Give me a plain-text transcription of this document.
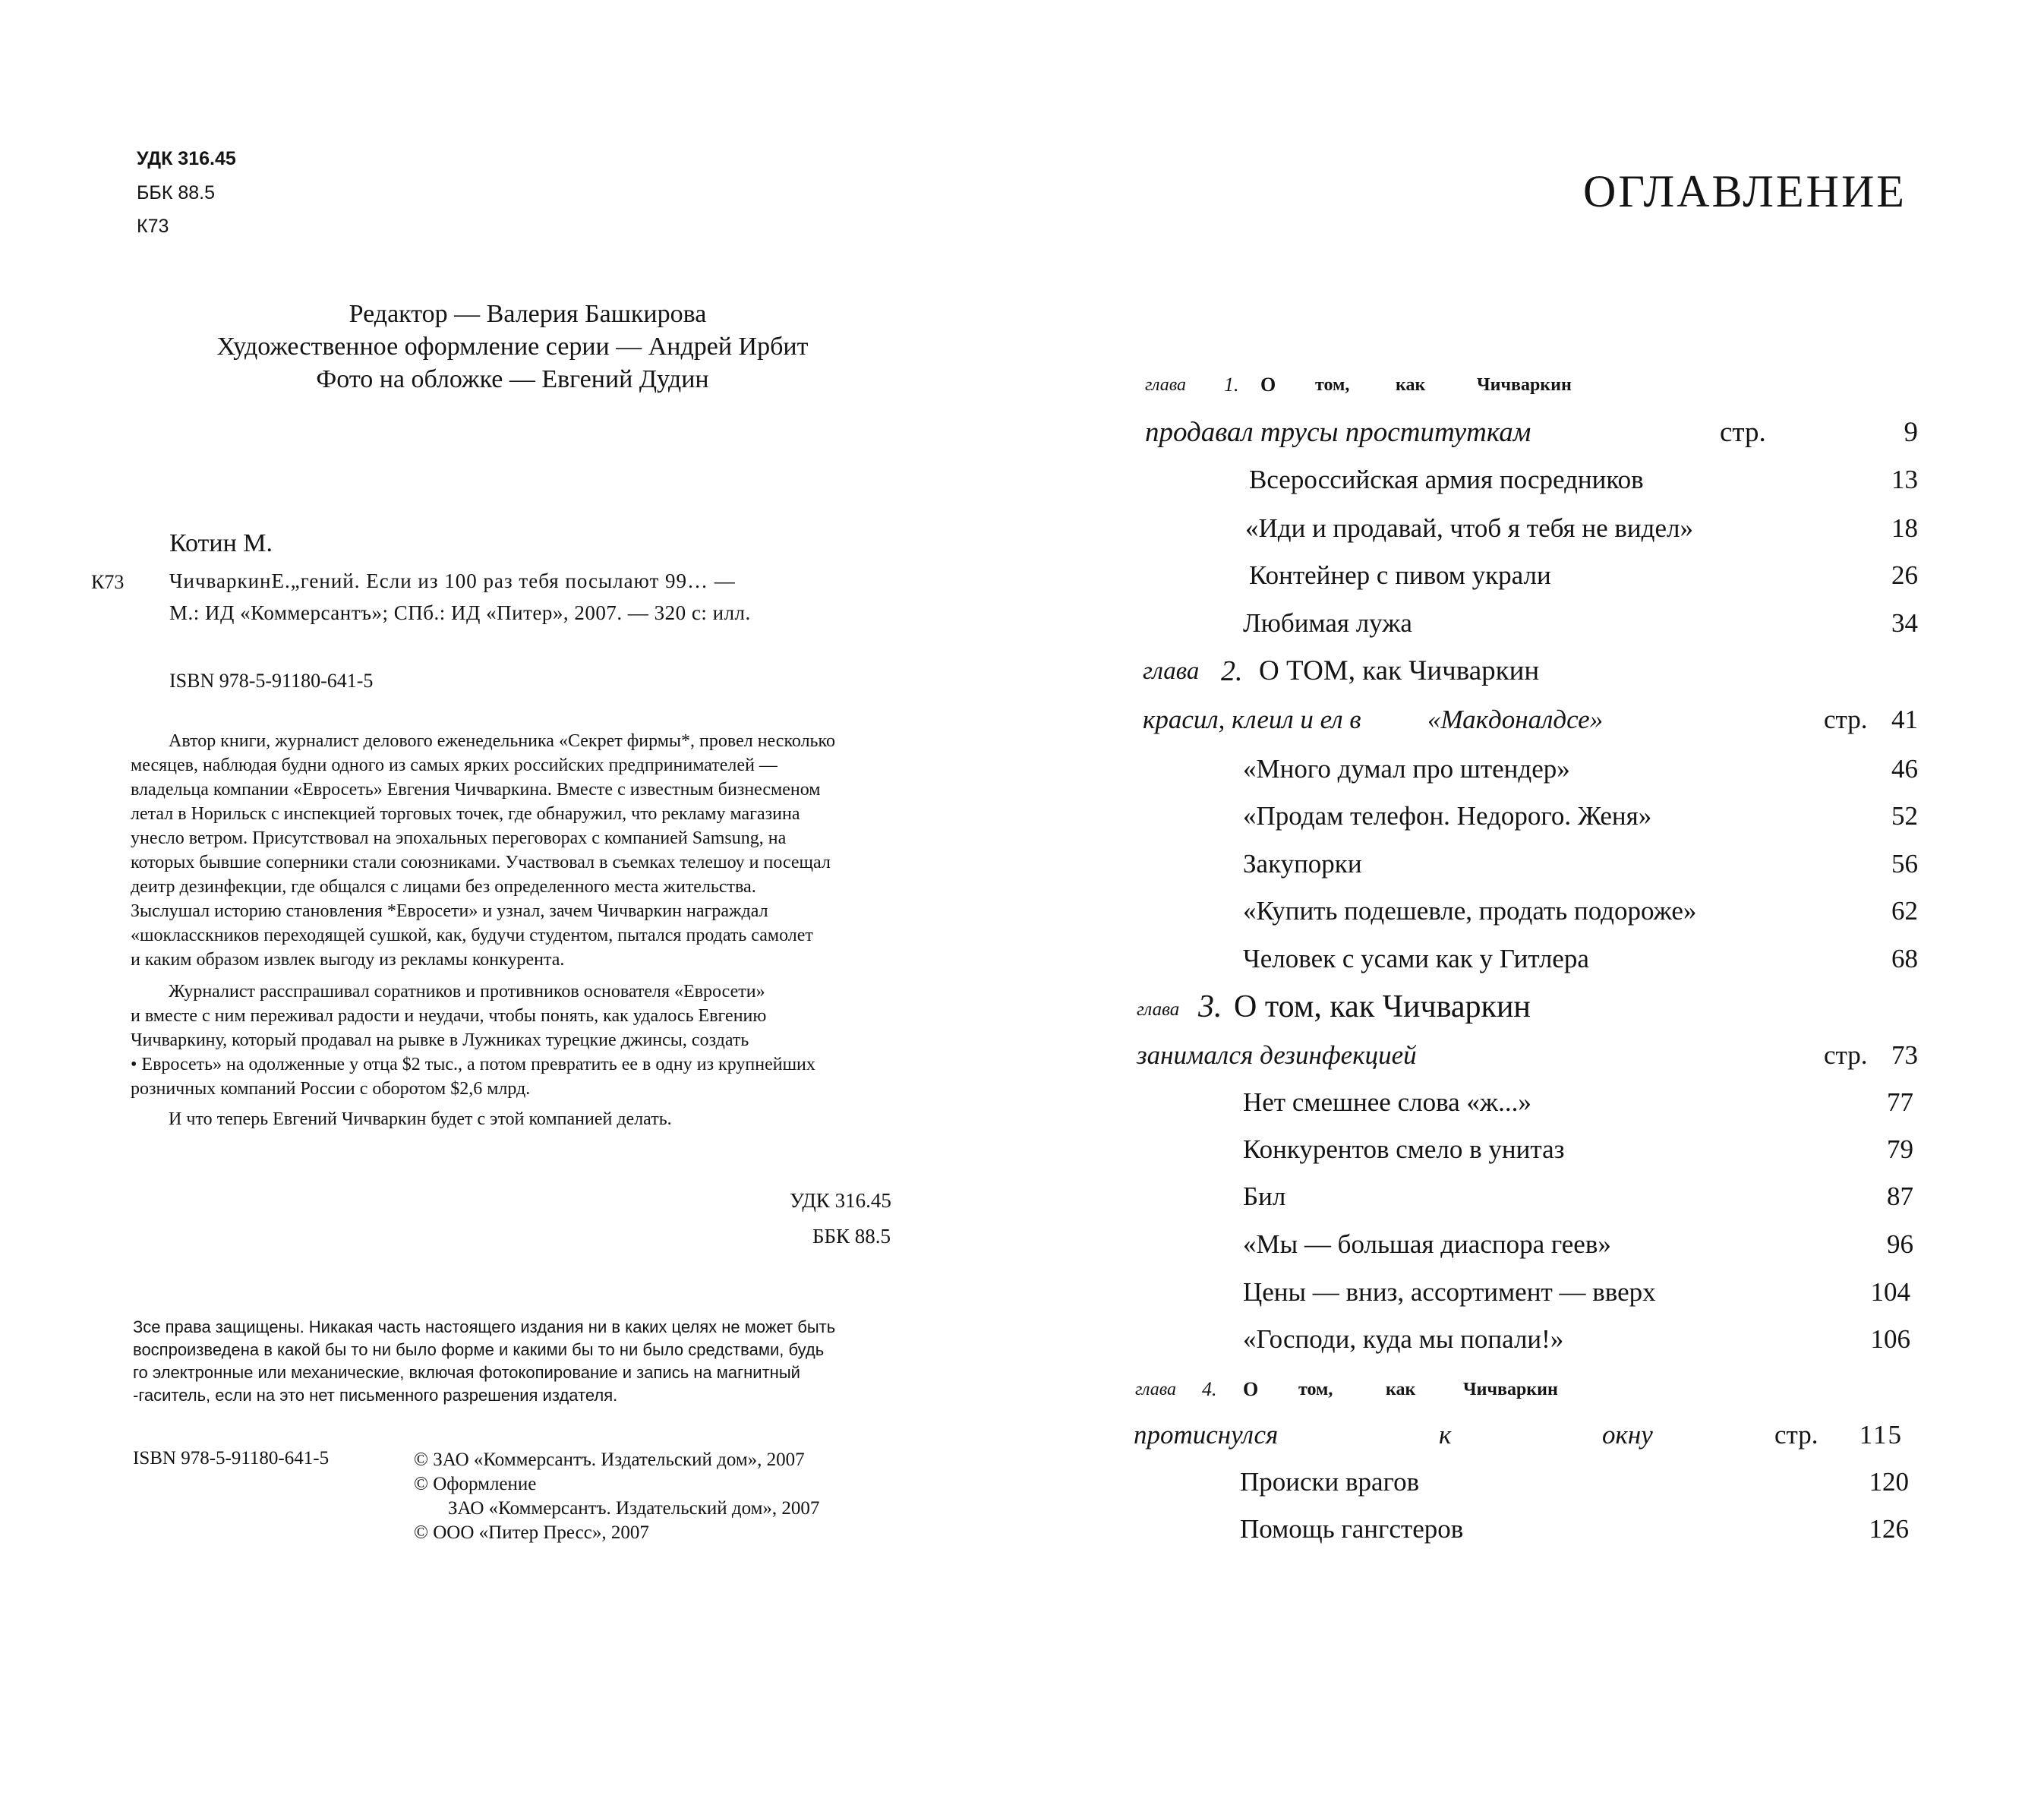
УДК 316.45
ББК 88.5
К73
Редактор — Валерия Башкирова
Художественное оформление серии — Андрей Ирбит
Фото на обложке — Евгений Дудин
Котин М.
К73 ЧичваркинЕ.„гений. Если из 100 раз тебя посылают 99… —
М.: ИД «Коммерсантъ»; СПб.: ИД «Питер», 2007. — 320 с: илл.
ISBN 978-5-91180-641-5
Автор книги, журналист делового еженедельника «Секрет фирмы*, провел несколько
месяцев, наблюдая будни одного из самых ярких российских предпринимателей —
владельца компании «Евросеть» Евгения Чичваркина. Вместе с известным бизнесменом
летал в Норильск с инспекцией торговых точек, где обнаружил, что рекламу магазина
унесло ветром. Присутствовал на эпохальных переговорах с компанией Samsung, на
которых бывшие соперники стали союзниками. Участвовал в съемках телешоу и посещал
деитр дезинфекции, где общался с лицами без определенного места жительства.
Зыслушал историю становления *Евросети» и узнал, зачем Чичваркин награждал
«шокласскников переходящей сушкой, как, будучи студентом, пытался продать самолет
и каким образом извлек выгоду из рекламы конкурента.
Журналист расспрашивал соратников и противников основателя «Евросети»
и вместе с ним переживал радости и неудачи, чтобы понять, как удалось Евгению
Чичваркину, который продавал на рывке в Лужниках турецкие джинсы, создать
• Евросеть» на одолженные у отца $2 тыс., а потом превратить ее в одну из крупнейших
розничных компаний России с оборотом $2,6 млрд.
И что теперь Евгений Чичваркин будет с этой компанией делать.
УДК 316.45
ББК 88.5
Зсе права защищены. Никакая часть настоящего издания ни в каких целях не может быть
воспроизведена в какой бы то ни было форме и какими бы то ни было средствами, будь
го электронные или механические, включая фотокопирование и запись на магнитный
-гаситель, если на это нет письменного разрешения издателя.
ISBN 978-5-91180-641-5	© ЗАО «Коммерсантъ. Издательский дом», 2007
© Оформление
ЗАО «Коммерсантъ. Издательский дом», 2007
© ООО «Питер Пресс», 2007
ОГЛАВЛЕНИЕ
глава 1. О том,	как	Чичваркин
продавал трусы проституткам	стр.	9
Всероссийская армия посредников	13
«Иди и продавай, чтоб я тебя не видел»	18
Контейнер с пивом украли	26
Любимая лужа	34
глава 2. О ТОМ, как Чичваркин
красил, клеил и ел в «Макдоналдсе»	стр. 41
«Много думал про штендер»	46
«Продам телефон. Недорого. Женя»	52
Закупорки	56
«Купить подешевле, продать подороже»	62
Человек с усами как у Гитлера	68
глава 3. О том, как Чичваркин
занимался дезинфекцией	стр. 73
Нет смешнее слова «ж...»	77
Конкурентов смело в унитаз	79
Бил	87
«Мы — большая диаспора геев»	96
Цены — вниз, ассортимент — вверх	104
«Господи, куда мы попали!»	106
глава 4. О том,	как	Чичваркин
протиснулся	к	окну	стр.	115
Происки врагов	120
Помощь гангстеров	126
